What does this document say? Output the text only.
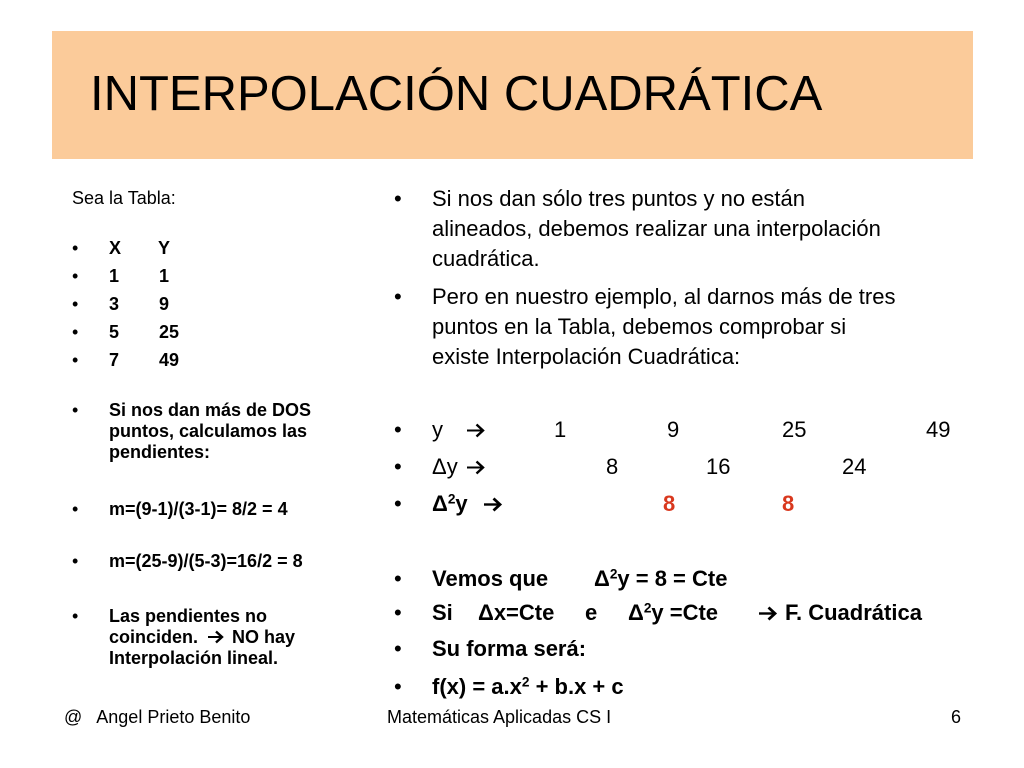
INTERPOLACIÓN CUADRÁTICA
Sea la Tabla:
• X Y
• 1 1
• 3 9
• 5 25
• 7 49
• Si nos dan más de DOS
puntos, calculamos las
pendientes:
• m=(9-1)/(3-1)= 8/2 = 4
• m=(25-9)/(5-3)=16/2 = 8
• Las pendientes no
coinciden. NO hay
Interpolación lineal.
• Si nos dan sólo tres puntos y no están
alineados, debemos realizar una interpolación
cuadrática.
• Pero en nuestro ejemplo, al darnos más de tres
puntos en la Tabla, debemos comprobar si
existe Interpolación Cuadrática:
• y	1	9	25	49
• Δy	8	16	24
• $\Delta^2y$	8	8
• Vemos que $\Delta^2y = 8$ = Cte
• Si Δx=Cte e $\Delta^2y =Cte$	F. Cuadrática
• Su forma será:
• $f(x) = a.x^2 + b.x + c$
@   Angel Prieto Benito	Matemáticas Aplicadas CS I	6
